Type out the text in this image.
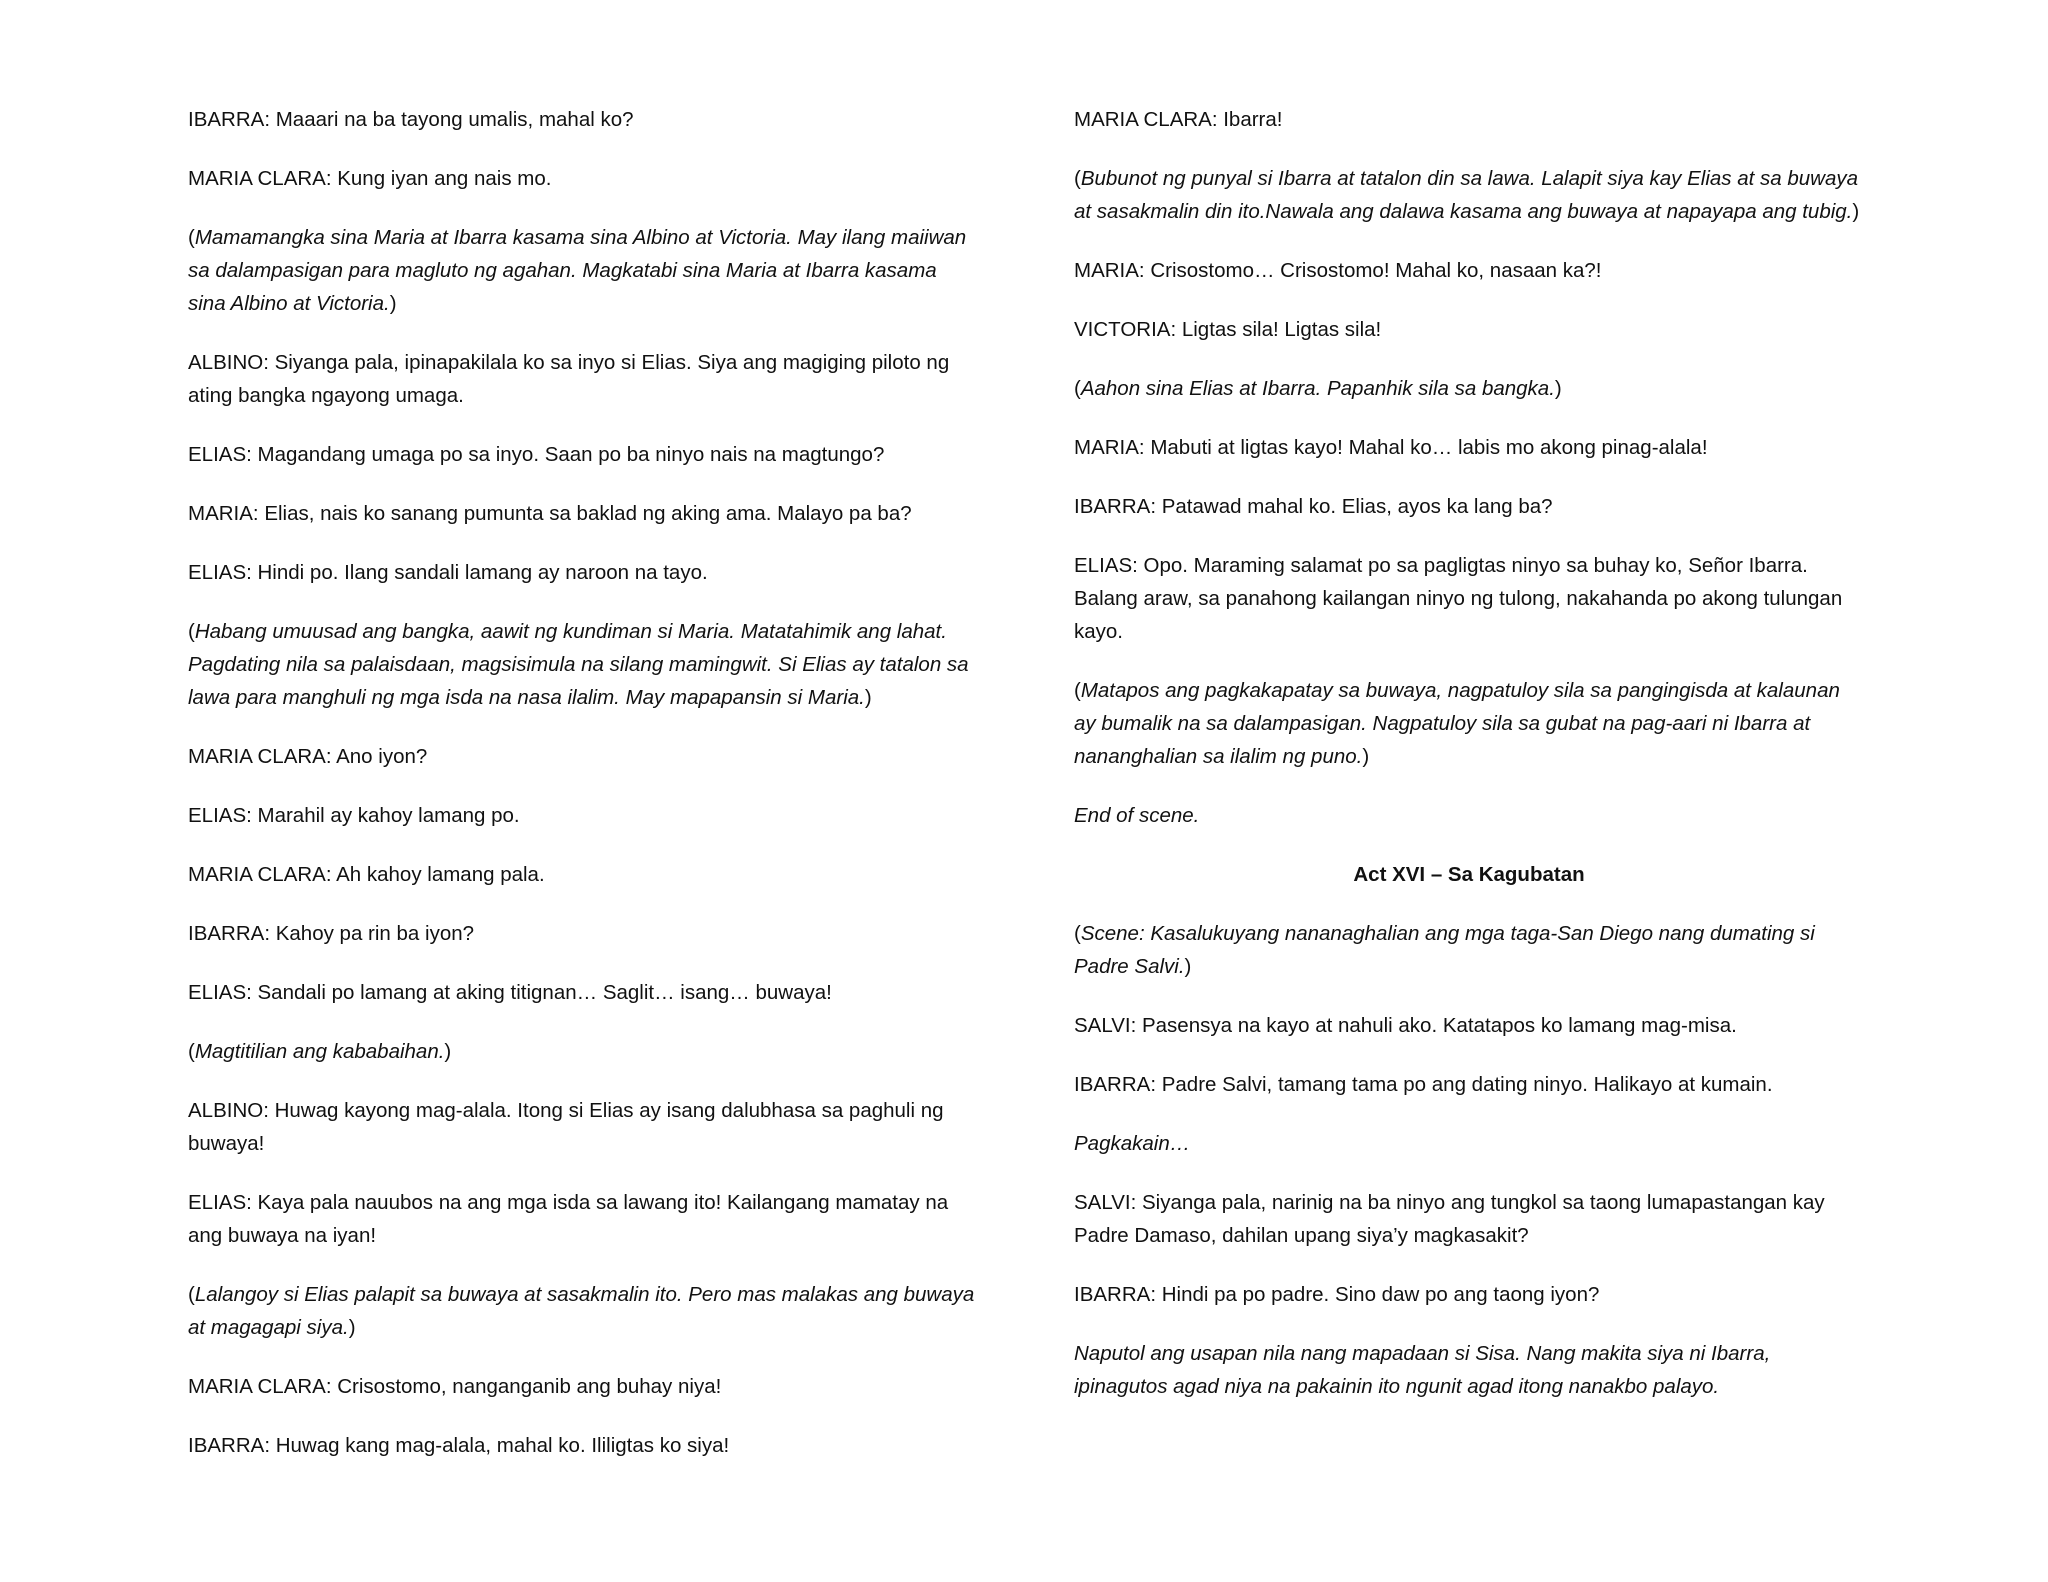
IBARRA: Maaari na ba tayong umalis, mahal ko?

MARIA CLARA: Kung iyan ang nais mo.

(Mamamangka sina Maria at Ibarra kasama sina Albino at Victoria. May ilang maiiwan sa dalampasigan para magluto ng agahan. Magkatabi sina Maria at Ibarra kasama sina Albino at Victoria.)

ALBINO: Siyanga pala, ipinapakilala ko sa inyo si Elias. Siya ang magiging piloto ng ating bangka ngayong umaga.

ELIAS: Magandang umaga po sa inyo. Saan po ba ninyo nais na magtungo?

MARIA: Elias, nais ko sanang pumunta sa baklad ng aking ama. Malayo pa ba?

ELIAS: Hindi po. Ilang sandali lamang ay naroon na tayo.

(Habang umuusad ang bangka, aawit ng kundiman si Maria. Matatahimik ang lahat. Pagdating nila sa palaisdaan, magsisimula na silang mamingwit. Si Elias ay tatalon sa lawa para manghuli ng mga isda na nasa ilalim. May mapapansin si Maria.)

MARIA CLARA: Ano iyon?

ELIAS: Marahil ay kahoy lamang po.

MARIA CLARA: Ah kahoy lamang pala.

IBARRA: Kahoy pa rin ba iyon?

ELIAS: Sandali po lamang at aking titignan… Saglit… isang… buwaya!

(Magtitilian ang kababaihan.)

ALBINO: Huwag kayong mag-alala. Itong si Elias ay isang dalubhasa sa paghuli ng buwaya!

ELIAS: Kaya pala nauubos na ang mga isda sa lawang ito! Kailangang mamatay na ang buwaya na iyan!

(Lalangoy si Elias palapit sa buwaya at sasakmalin ito. Pero mas malakas ang buwaya at magagapi siya.)

MARIA CLARA: Crisostomo, nanganganib ang buhay niya!

IBARRA: Huwag kang mag-alala, mahal ko. Ililigtas ko siya!

MARIA CLARA: Ibarra!

(Bubunot ng punyal si Ibarra at tatalon din sa lawa. Lalapit siya kay Elias at sa buwaya at sasakmalin din ito.Nawala ang dalawa kasama ang buwaya at napayapa ang tubig.)

MARIA: Crisostomo… Crisostomo! Mahal ko, nasaan ka?!

VICTORIA: Ligtas sila! Ligtas sila!

(Aahon sina Elias at Ibarra. Papanhik sila sa bangka.)

MARIA: Mabuti at ligtas kayo! Mahal ko… labis mo akong pinag-alala!

IBARRA: Patawad mahal ko. Elias, ayos ka lang ba?

ELIAS: Opo. Maraming salamat po sa pagligtas ninyo sa buhay ko, Señor Ibarra. Balang araw, sa panahong kailangan ninyo ng tulong, nakahanda po akong tulungan kayo.

(Matapos ang pagkakapatay sa buwaya, nagpatuloy sila sa pangingisda at kalaunan ay bumalik na sa dalampasigan. Nagpatuloy sila sa gubat na pag-aari ni Ibarra at nananghalian sa ilalim ng puno.)

End of scene.

Act XVI – Sa Kagubatan

(Scene: Kasalukuyang nananaghalian ang mga taga-San Diego nang dumating si Padre Salvi.)

SALVI: Pasensya na kayo at nahuli ako. Katatapos ko lamang mag-misa.

IBARRA: Padre Salvi, tamang tama po ang dating ninyo. Halikayo at kumain.

Pagkakain…

SALVI: Siyanga pala, narinig na ba ninyo ang tungkol sa taong lumapastangan kay Padre Damaso, dahilan upang siya’y magkasakit?

IBARRA: Hindi pa po padre. Sino daw po ang taong iyon?

Naputol ang usapan nila nang mapadaan si Sisa. Nang makita siya ni Ibarra, ipinagutos agad niya na pakainin ito ngunit agad itong nanakbo palayo.
